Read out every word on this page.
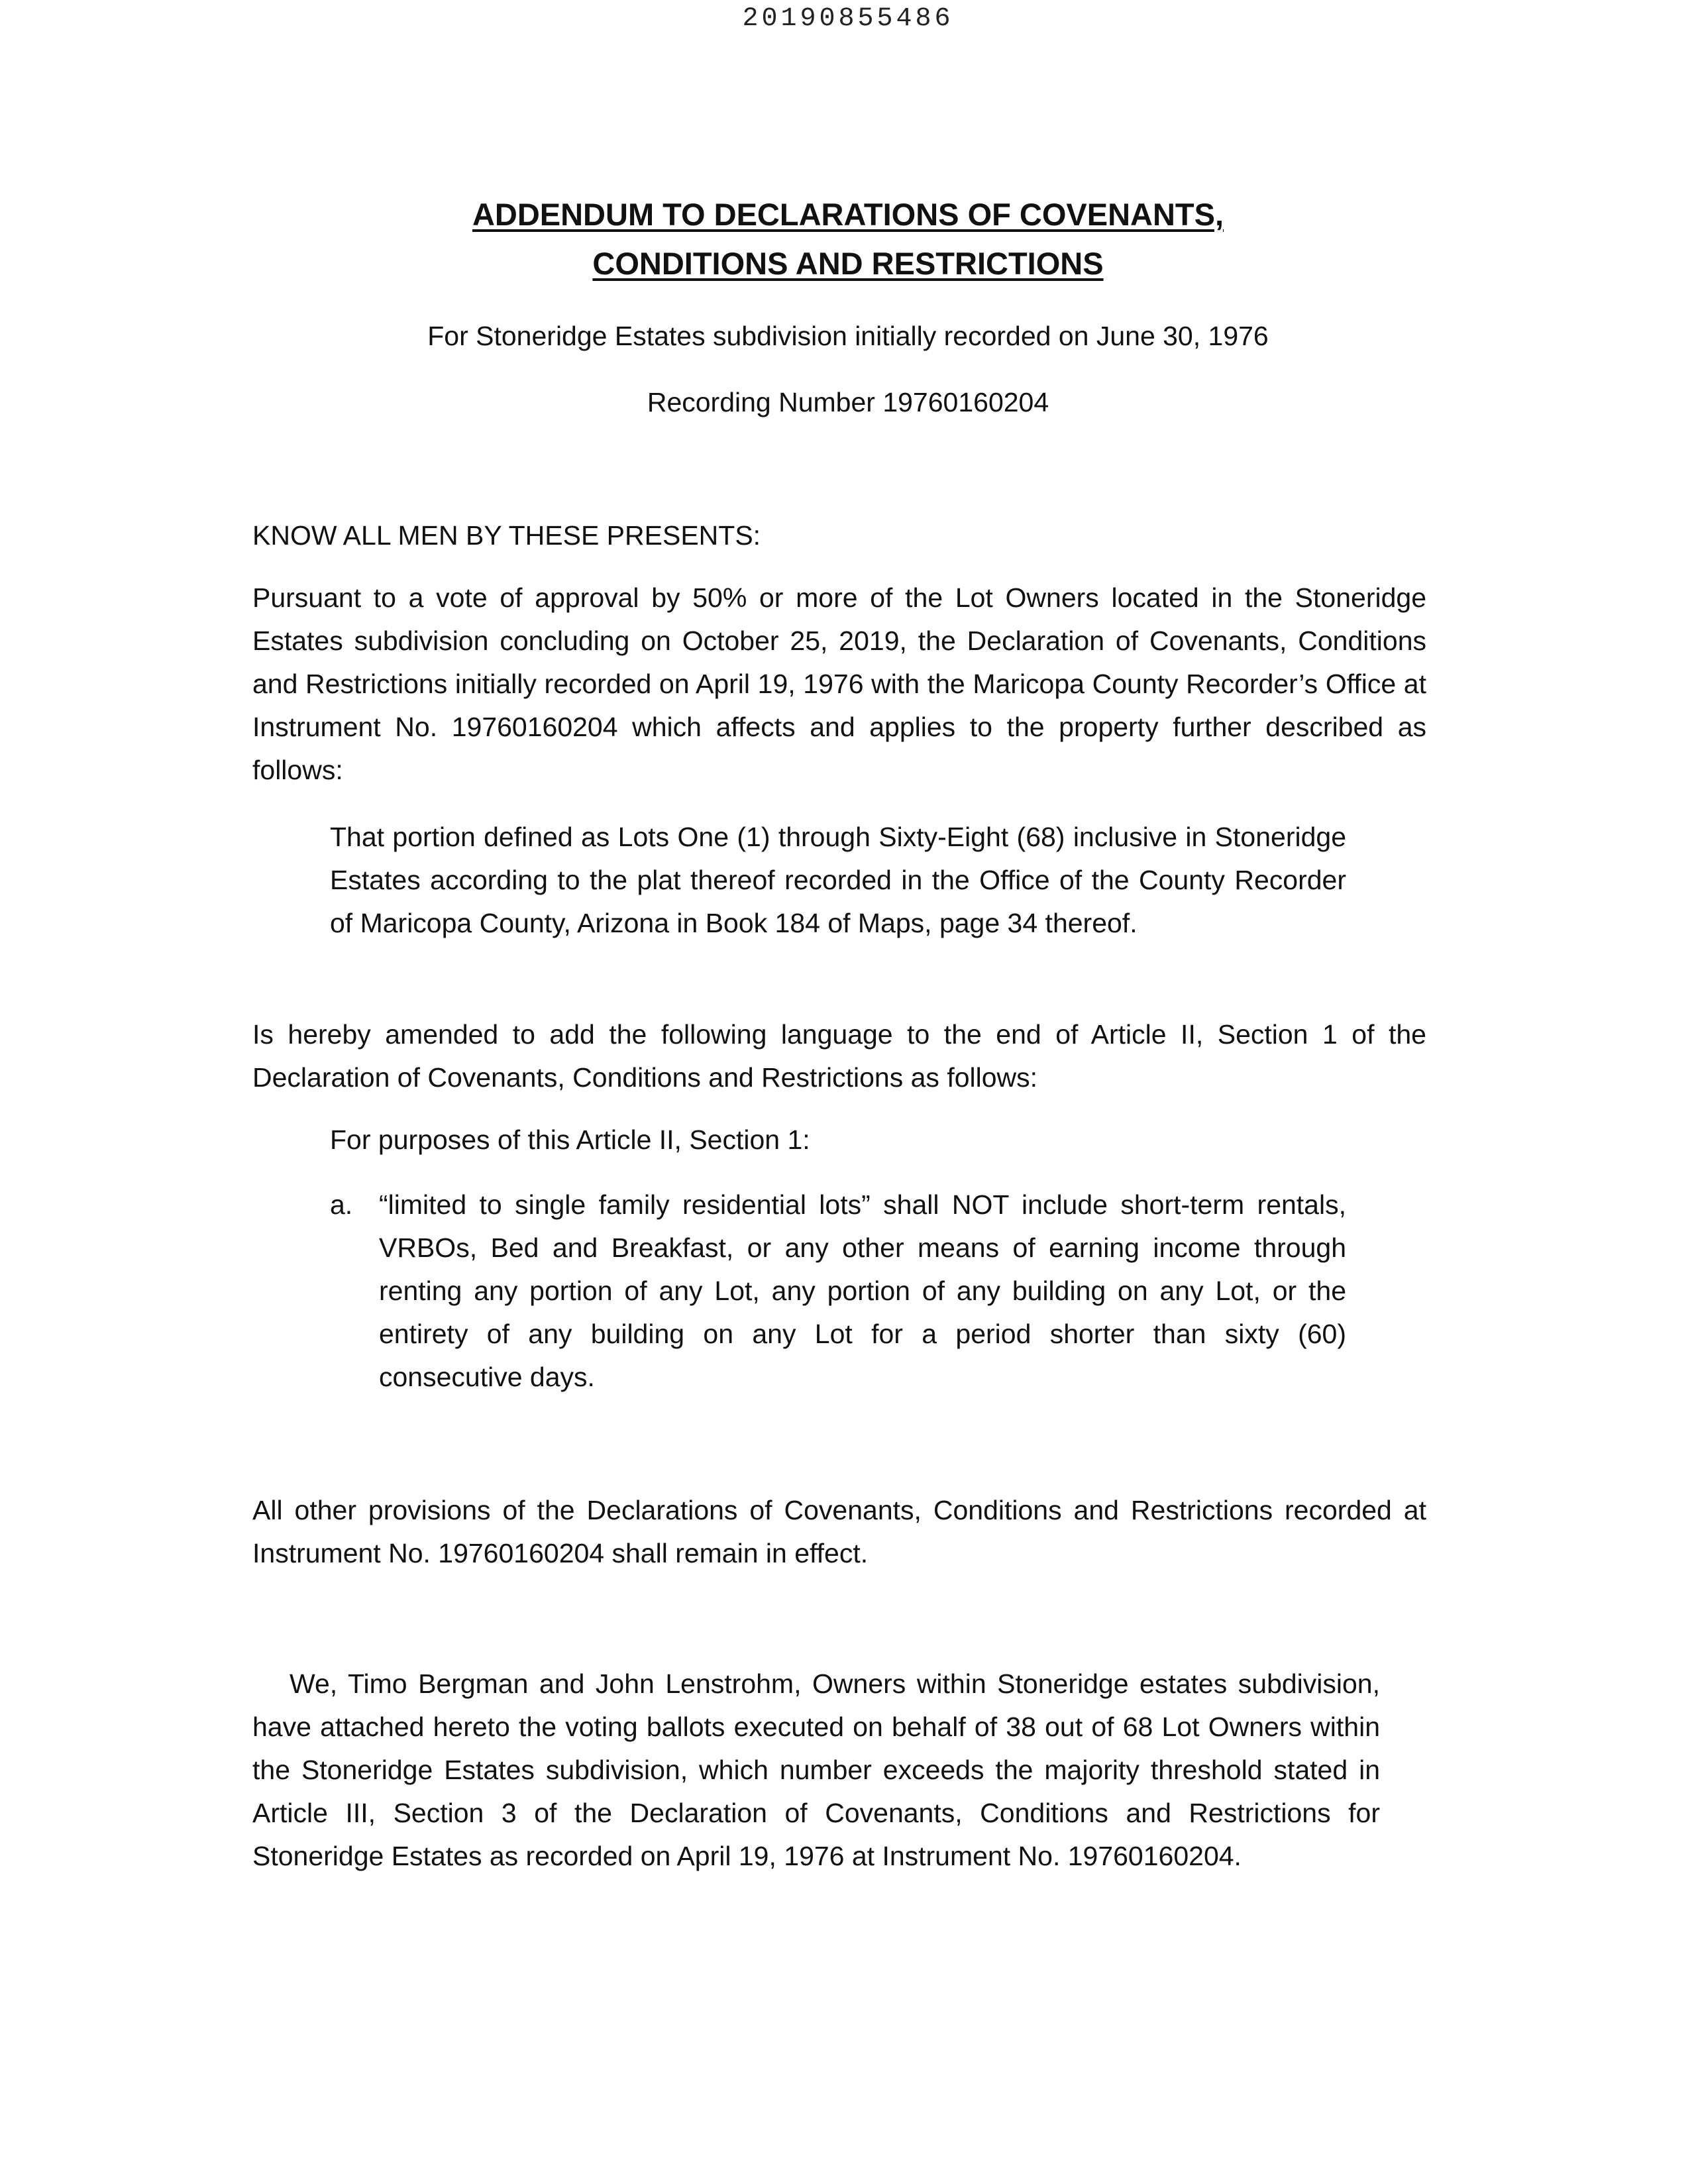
20190855486
ADDENDUM TO DECLARATIONS OF COVENANTS,
CONDITIONS AND RESTRICTIONS
For Stoneridge Estates subdivision initially recorded on June 30, 1976
Recording Number 19760160204

KNOW ALL MEN BY THESE PRESENTS:

Pursuant to a vote of approval by 50% or more of the Lot Owners located in the Stoneridge Estates subdivision concluding on October 25, 2019, the Declaration of Covenants, Conditions and Restrictions initially recorded on April 19, 1976 with the Maricopa County Recorder’s Office at Instrument No. 19760160204 which affects and applies to the property further described as follows:

That portion defined as Lots One (1) through Sixty-Eight (68) inclusive in Stoneridge Estates according to the plat thereof recorded in the Office of the County Recorder of Maricopa County, Arizona in Book 184 of Maps, page 34 thereof.

Is hereby amended to add the following language to the end of Article II, Section 1 of the Declaration of Covenants, Conditions and Restrictions as follows:

For purposes of this Article II, Section 1:

a. “limited to single family residential lots” shall NOT include short-term rentals, VRBOs, Bed and Breakfast, or any other means of earning income through renting any portion of any Lot, any portion of any building on any Lot, or the entirety of any building on any Lot for a period shorter than sixty (60) consecutive days.

All other provisions of the Declarations of Covenants, Conditions and Restrictions recorded at Instrument No. 19760160204 shall remain in effect.

We, Timo Bergman and John Lenstrohm, Owners within Stoneridge estates subdivision, have attached hereto the voting ballots executed on behalf of 38 out of 68 Lot Owners within the Stoneridge Estates subdivision, which number exceeds the majority threshold stated in Article III, Section 3 of the Declaration of Covenants, Conditions and Restrictions for Stoneridge Estates as recorded on April 19, 1976 at Instrument No. 19760160204.
